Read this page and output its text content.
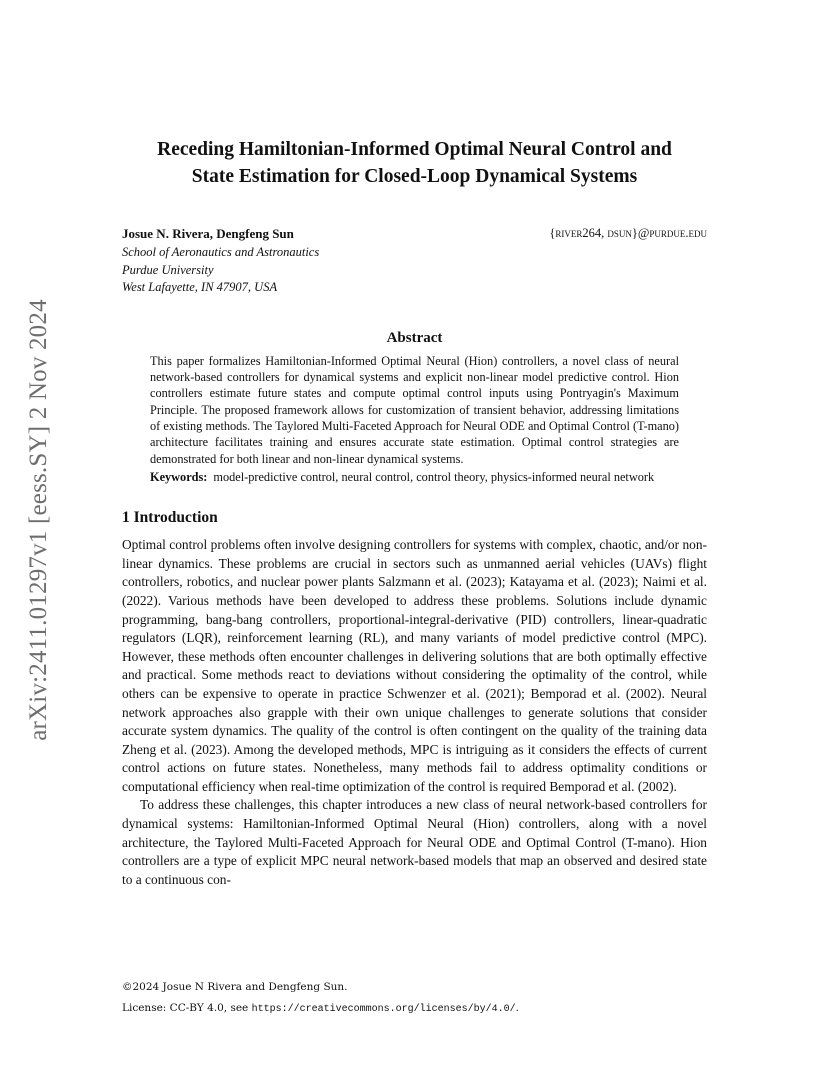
arXiv:2411.01297v1 [eess.SY] 2 Nov 2024
Receding Hamiltonian-Informed Optimal Neural Control and
State Estimation for Closed-Loop Dynamical Systems
Josue N. Rivera, Dengfeng Sun	{river264, dsun}@purdue.edu
School of Aeronautics and Astronautics
Purdue University
West Lafayette, IN 47907, USA
Abstract

This paper formalizes Hamiltonian-Informed Optimal Neural (Hion) controllers, a novel class of neural network-based controllers for dynamical systems and explicit non-linear model predictive control. Hion controllers estimate future states and compute optimal control inputs using Pontryagin's Maximum Principle. The proposed framework allows for customization of transient behavior, addressing limitations of existing methods. The Taylored Multi-Faceted Approach for Neural ODE and Optimal Control (T-mano) architecture facilitates training and ensures accurate state estimation. Optimal control strategies are demonstrated for both linear and non-linear dynamical systems.

Keywords: model-predictive control, neural control, control theory, physics-informed neural network

1 Introduction

Optimal control problems often involve designing controllers for systems with complex, chaotic, and/or non-linear dynamics. These problems are crucial in sectors such as unmanned aerial vehicles (UAVs) flight controllers, robotics, and nuclear power plants Salzmann et al. (2023); Katayama et al. (2023); Naimi et al. (2022). Various methods have been developed to address these problems. Solutions include dynamic programming, bang-bang controllers, proportional-integral-derivative (PID) controllers, linear-quadratic regulators (LQR), reinforcement learning (RL), and many variants of model predictive control (MPC). However, these methods often encounter challenges in delivering solutions that are both optimally effective and practical. Some methods react to deviations without considering the optimality of the control, while others can be expensive to operate in practice Schwenzer et al. (2021); Bemporad et al. (2002). Neural network approaches also grapple with their own unique challenges to generate solutions that consider accurate system dynamics. The quality of the control is often contingent on the quality of the training data Zheng et al. (2023). Among the developed methods, MPC is intriguing as it considers the effects of current control actions on future states. Nonetheless, many methods fail to address optimality conditions or computational efficiency when real-time optimization of the control is required Bemporad et al. (2002).

To address these challenges, this chapter introduces a new class of neural network-based controllers for dynamical systems: Hamiltonian-Informed Optimal Neural (Hion) controllers, along with a novel architecture, the Taylored Multi-Faceted Approach for Neural ODE and Optimal Control (T-mano). Hion controllers are a type of explicit MPC neural network-based models that map an observed and desired state to a continuous con-

©2024 Josue N Rivera and Dengfeng Sun.
License: CC-BY 4.0, see https://creativecommons.org/licenses/by/4.0/.
